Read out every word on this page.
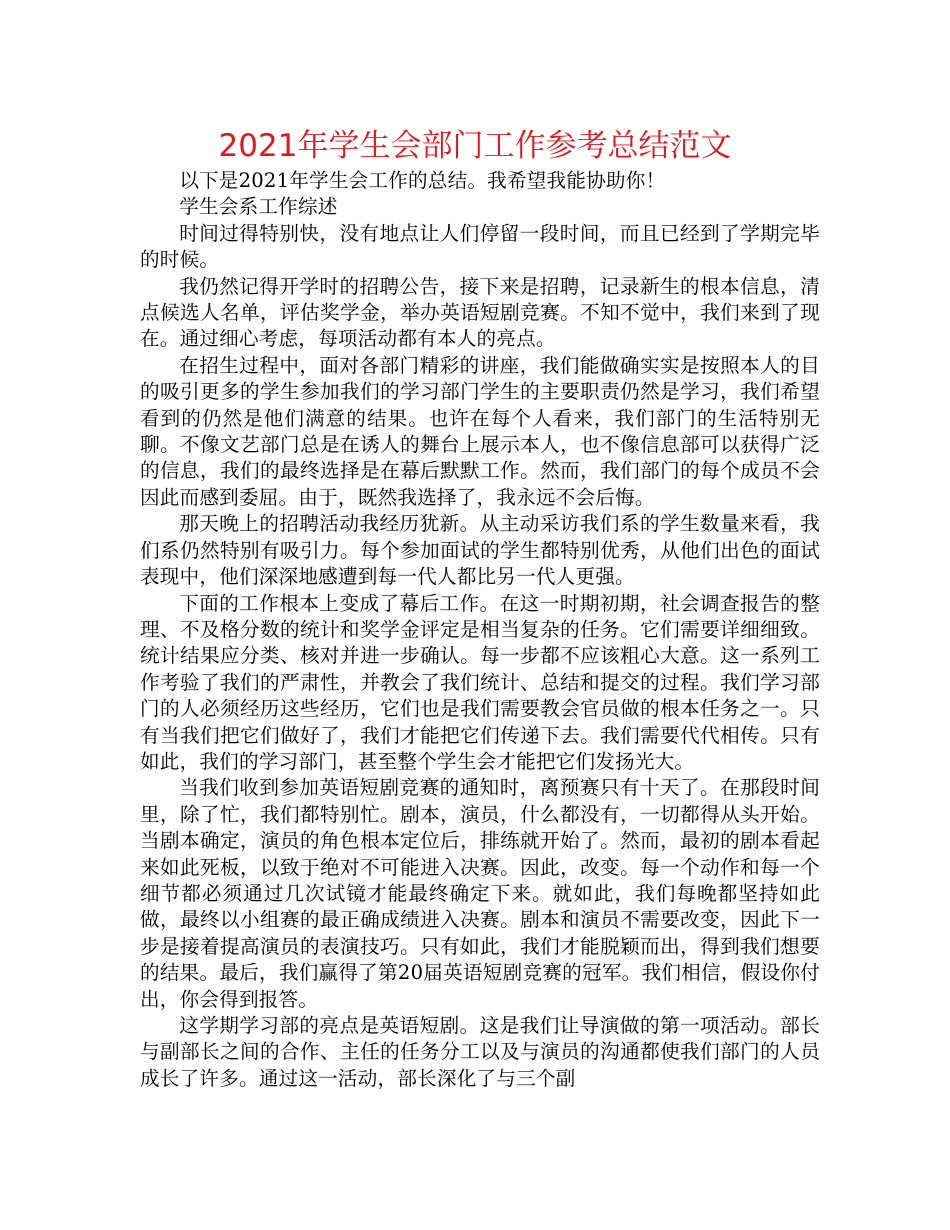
2021年学生会部门工作参考总结范文

以下是2021年学生会工作的总结。我希望我能协助你！

学生会系工作综述

时间过得特别快，没有地点让人们停留一段时间，而且已经到了学期完毕的时候。

我仍然记得开学时的招聘公告，接下来是招聘，记录新生的根本信息，清点候选人名单，评估奖学金，举办英语短剧竞赛。不知不觉中，我们来到了现在。通过细心考虑，每项活动都有本人的亮点。

在招生过程中，面对各部门精彩的讲座，我们能做确实实是按照本人的目的吸引更多的学生参加我们的学习部门学生的主要职责仍然是学习，我们希望看到的仍然是他们满意的结果。也许在每个人看来，我们部门的生活特别无聊。不像文艺部门总是在诱人的舞台上展示本人，也不像信息部可以获得广泛的信息，我们的最终选择是在幕后默默工作。然而，我们部门的每个成员不会因此而感到委屈。由于，既然我选择了，我永远不会后悔。

那天晚上的招聘活动我经历犹新。从主动采访我们系的学生数量来看，我们系仍然特别有吸引力。每个参加面试的学生都特别优秀，从他们出色的面试表现中，他们深深地感遭到每一代人都比另一代人更强。

下面的工作根本上变成了幕后工作。在这一时期初期，社会调查报告的整理、不及格分数的统计和奖学金评定是相当复杂的任务。它们需要详细细致。统计结果应分类、核对并进一步确认。每一步都不应该粗心大意。这一系列工作考验了我们的严肃性，并教会了我们统计、总结和提交的过程。我们学习部门的人必须经历这些经历，它们也是我们需要教会官员做的根本任务之一。只有当我们把它们做好了，我们才能把它们传递下去。我们需要代代相传。只有如此，我们的学习部门，甚至整个学生会才能把它们发扬光大。

当我们收到参加英语短剧竞赛的通知时，离预赛只有十天了。在那段时间里，除了忙，我们都特别忙。剧本，演员，什么都没有，一切都得从头开始。当剧本确定，演员的角色根本定位后，排练就开始了。然而，最初的剧本看起来如此死板，以致于绝对不可能进入决赛。因此，改变。每一个动作和每一个细节都必须通过几次试镜才能最终确定下来。就如此，我们每晚都坚持如此做，最终以小组赛的最正确成绩进入决赛。剧本和演员不需要改变，因此下一步是接着提高演员的表演技巧。只有如此，我们才能脱颖而出，得到我们想要的结果。最后，我们赢得了第20届英语短剧竞赛的冠军。我们相信，假设你付出，你会得到报答。

这学期学习部的亮点是英语短剧。这是我们让导演做的第一项活动。部长与副部长之间的合作、主任的任务分工以及与演员的沟通都使我们部门的人员成长了许多。通过这一活动，部长深化了与三个副
